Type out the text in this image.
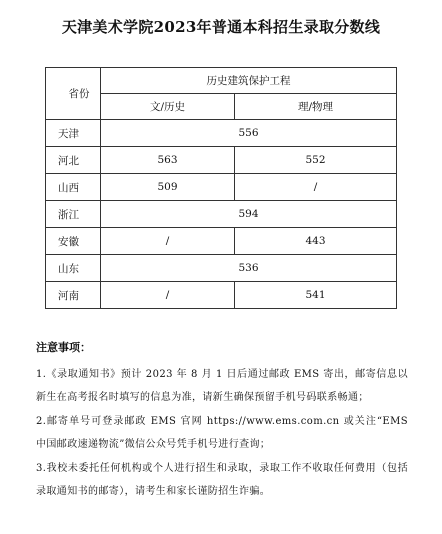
天津美术学院2023年普通本科招生录取分数线
省份	历史建筑保护工程	
	文/历史	理/物理
天津	556	
河北	563	552
山西	509	/
浙江	594	
安徽	/	443
山东	536	
河南	/	541
注意事项：
1.《录取通知书》预计 2023 年 8 月 1 日后通过邮政 EMS 寄出，邮寄信息以新生在高考报名时填写的信息为准，请新生确保预留手机号码联系畅通；
2.邮寄单号可登录邮政 EMS 官网 https://www.ems.com.cn 或关注“EMS 中国邮政速递物流”微信公众号凭手机号进行查询；
3.我校未委托任何机构或个人进行招生和录取，录取工作不收取任何费用（包括录取通知书的邮寄），请考生和家长谨防招生诈骗。
